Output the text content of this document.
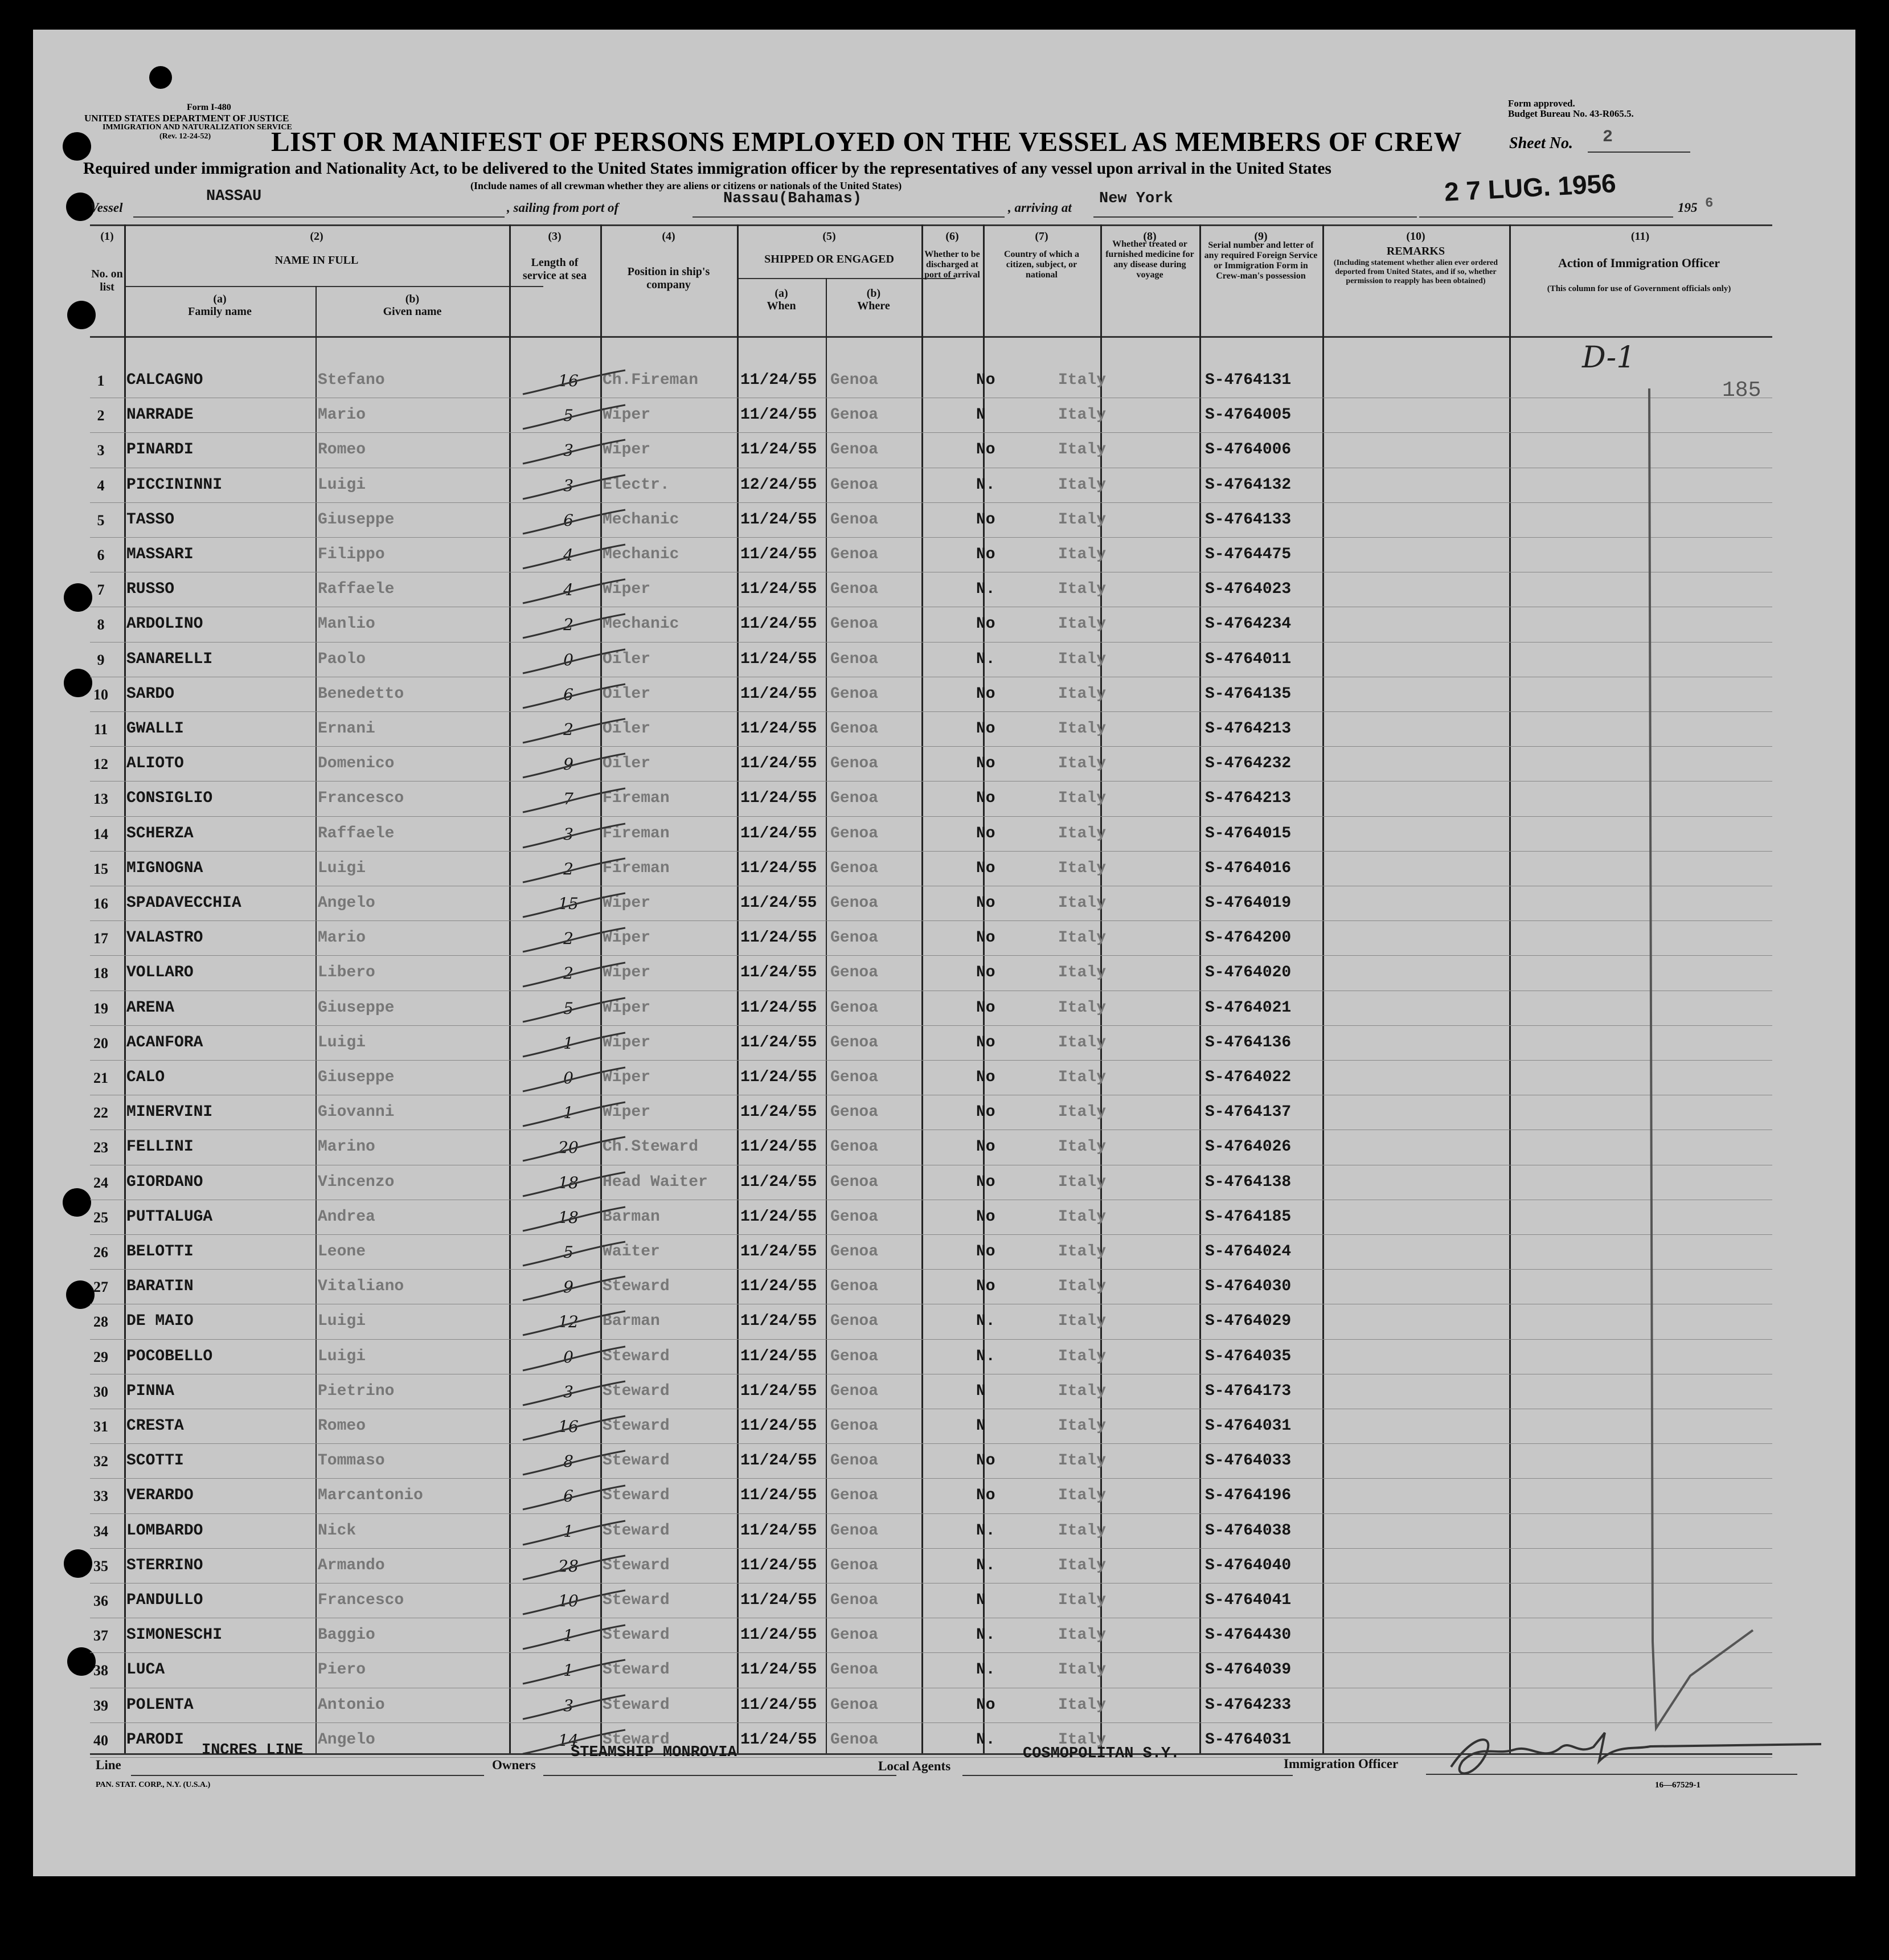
Form I-480
UNITED STATES DEPARTMENT OF JUSTICE
IMMIGRATION AND NATURALIZATION SERVICE
(Rev. 12-24-52)
Form approved.
Budget Bureau No. 43-R065.5.
LIST OR MANIFEST OF PERSONS EMPLOYED ON THE VESSEL AS MEMBERS OF CREW	Sheet No. 2
Required under immigration and Nationality Act, to be delivered to the United States immigration officer by the representatives of any vessel upon arrival in the United States
(Include names of all crewman whether they are aliens or citizens or nationals of the United States)
Vessel
NASSAU
, sailing from port of
Nassau(Bahamas)
, arriving at
New York	2 7 LUG. 1956
195 6
(1)
No. on list
(2)
NAME IN FULL
(a)
Family name
(b)
Given name
(3)
Length of service at sea
(4)
Position in ship's company
(5)
SHIPPED OR ENGAGED
(a)
When
(b)
Where
(6)
Whether to be discharged at port of arrival
(7)
Country of which a citizen, subject, or national
(8)
Whether treated or furnished medicine for any disease during voyage
(9)
Serial number and letter of any required Foreign Service or Immigration Form in Crew-man's possession
(10)
REMARKS
(Including statement whether alien ever ordered deported from United States, and if so, whether permission to reapply has been obtained)
(11)
Action of Immigration Officer
(This column for use of Government officials only)
1	CALCAGNO	Stefano	16	Ch.Fireman	11/24/55 Genoa	No	Italy	S-4764131
2	NARRADE	Mario	5	Wiper	11/24/55 Genoa	N	Italy	S-4764005
3	PINARDI	Romeo	3	Wiper	11/24/55 Genoa	No	Italy	S-4764006
4	PICCININNI	Luigi	3	Electr.	12/24/55 Genoa	N.	Italy	S-4764132
5	TASSO	Giuseppe	6	Mechanic	11/24/55 Genoa	No	Italy	S-4764133
6	MASSARI	Filippo	4	Mechanic	11/24/55 Genoa	No	Italy	S-4764475
7	RUSSO	Raffaele	4	Wiper	11/24/55 Genoa	N.	Italy	S-4764023
8	ARDOLINO	Manlio	2	Mechanic	11/24/55 Genoa	No	Italy	S-4764234
9	SANARELLI	Paolo	0	Oiler	11/24/55 Genoa	N.	Italy	S-4764011
10	SARDO	Benedetto	6	Oiler	11/24/55 Genoa	No	Italy	S-4764135
11	GWALLI	Ernani	2	Oiler	11/24/55 Genoa	No	Italy	S-4764213
12	ALIOTO	Domenico	9	Oiler	11/24/55 Genoa	No	Italy	S-4764232
13	CONSIGLIO	Francesco	7	Fireman	11/24/55 Genoa	No	Italy	S-4764213
14	SCHERZA	Raffaele	3	Fireman	11/24/55 Genoa	No	Italy	S-4764015
15	MIGNOGNA	Luigi	2	Fireman	11/24/55 Genoa	No	Italy	S-4764016
16	SPADAVECCHIA	Angelo	15	Wiper	11/24/55 Genoa	No	Italy	S-4764019
17	VALASTRO	Mario	2	Wiper	11/24/55 Genoa	No	Italy	S-4764200
18	VOLLARO	Libero	2	Wiper	11/24/55 Genoa	No	Italy	S-4764020
19	ARENA	Giuseppe	5	Wiper	11/24/55 Genoa	No	Italy	S-4764021
20	ACANFORA	Luigi	1	Wiper	11/24/55 Genoa	No	Italy	S-4764136
21	CALO	Giuseppe	0	Wiper	11/24/55 Genoa	No	Italy	S-4764022
22	MINERVINI	Giovanni	1	Wiper	11/24/55 Genoa	No	Italy	S-4764137
23	FELLINI	Marino	20	Ch.Steward	11/24/55 Genoa	No	Italy	S-4764026
24	GIORDANO	Vincenzo	18	Head Waiter	11/24/55 Genoa	No	Italy	S-4764138
25	PUTTALUGA	Andrea	18	Barman	11/24/55 Genoa	No	Italy	S-4764185
26	BELOTTI	Leone	5	Waiter	11/24/55 Genoa	No	Italy	S-4764024
27	BARATIN	Vitaliano	9	Steward	11/24/55 Genoa	No	Italy	S-4764030
28	DE MAIO	Luigi	12	Barman	11/24/55 Genoa	N.	Italy	S-4764029
29	POCOBELLO	Luigi	0	Steward	11/24/55 Genoa	N.	Italy	S-4764035
30	PINNA	Pietrino	3	Steward	11/24/55 Genoa	N	Italy	S-4764173
31	CRESTA	Romeo	16	Steward	11/24/55 Genoa	N	Italy	S-4764031
32	SCOTTI	Tommaso	8	Steward	11/24/55 Genoa	No	Italy	S-4764033
33	VERARDO	Marcantonio	6	Steward	11/24/55 Genoa	No	Italy	S-4764196
34	LOMBARDO	Nick	1	Steward	11/24/55 Genoa	N.	Italy	S-4764038
35	STERRINO	Armando	28	Steward	11/24/55 Genoa	N.	Italy	S-4764040
36	PANDULLO	Francesco	10	Steward	11/24/55 Genoa	N	Italy	S-4764041
37	SIMONESCHI	Baggio	1	Steward	11/24/55 Genoa	N.	Italy	S-4764430
38	LUCA	Piero	1	Steward	11/24/55 Genoa	N.	Italy	S-4764039
39	POLENTA	Antonio	3	Steward	11/24/55 Genoa	No	Italy	S-4764233
40	PARODI	Angelo	14	Steward	11/24/55 Genoa	N.	Italy	S-4764031
D-1
185
Line
INCRES LINE
Owners
STEAMSHIP MONROVIA
Local Agents
COSMOPOLITAN S.Y.
Immigration Officer
PAN. STAT. CORP., N.Y. (U.S.A.)	16—67529-1
